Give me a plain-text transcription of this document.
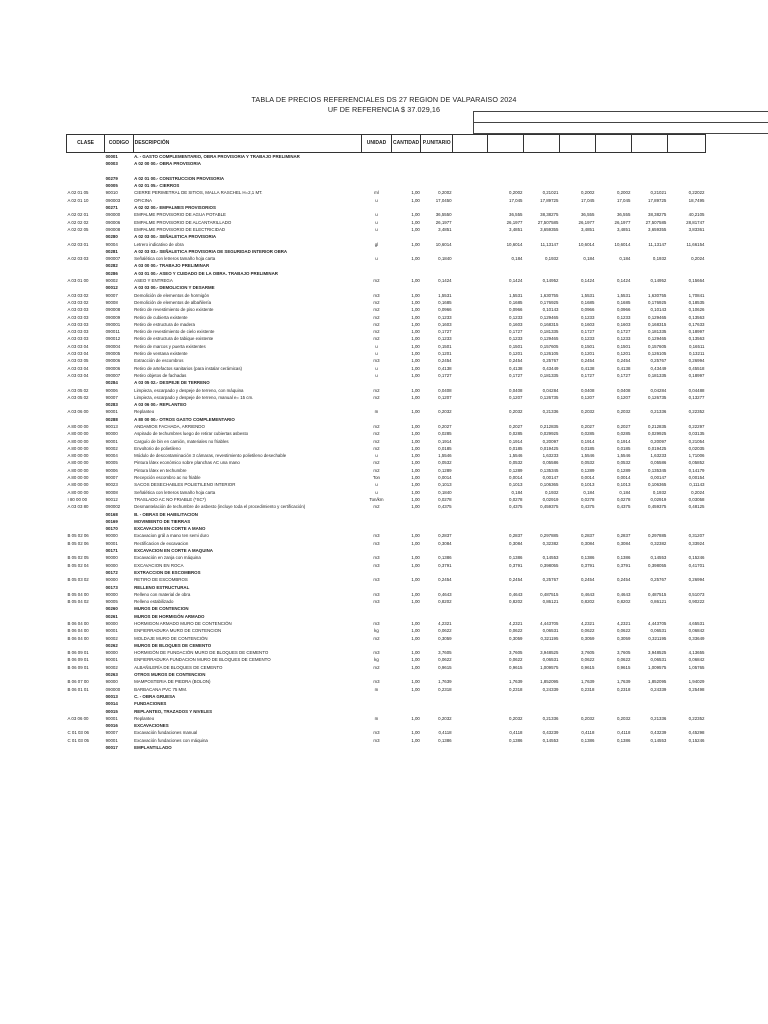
TABLA DE PRECIOS REFERENCIALES DS 27 REGION DE VALPARAISO 2024
UF DE REFERENCIA $ 37.029,16
CLASE	CODIGO	DESCRIPCIÓN	UNIDAD	CANTIDAD	P.UNITARIO							
	00001	A. - GASTO COMPLEMENTARIO, OBRA PROVISORIA Y TRABAJO PRELIMINAR										
	00003	A 02 00 00.- OBRA PROVISORIA										

	00279	A 02 01 00.- CONSTRUCCION PROVISORIA										
	00005	A 02 01 05.- CIERROS										
A 02 01 05	90010	CIERRE PERIMETRAL DE SITIOS, MALLA RASCHEL H=2,1 MT.	ml	1,00	0,2002		0,2002	0,21021	0,2002	0,2002	0,21021	0,22022
A 02 01 10	090003	OFICINA	u	1,00	17,0450		17,045	17,89725	17,045	17,045	17,89725	18,7495
	00271	A 02 02 00.- EMPALMES PROVISORIOS										
A 02 02 01	090000	EMPALME PROVISORIO DE AGUA POTABLE	u	1,00	36,5550		36,555	38,38275	36,555	36,555	38,38275	40,2105
A 02 02 02	090006	EMPALME PROVISORIO DE ALCANTARILLADO	u	1,00	26,1977		26,1977	27,507585	26,1977	26,1977	27,507585	28,81747
A 02 02 05	090008	EMPALME PROVISORIO DE ELECTRICIDAD	u	1,00	3,4851		3,4851	3,659355	3,4851	3,4851	3,659355	3,83361
	00280	A 02 03 00.- SEÑALETICA PROVISORIA										
A 02 03 01	90004	Letrero indicativo de obra	gl	1,00	10,6014		10,6014	11,13147	10,6014	10,6014	11,13147	11,66154
	00281	A 02 03 03.- SEÑALETICA PROVISORIA DE SEGURIDAD INTERIOR OBRA										
A 02 03 03	090007	Señalética con letreros tamaño hoja carta	u	1,00	0,1840		0,184	0,1932	0,184	0,184	0,1932	0,2024
	00282	A 03 00 00.- TRABAJO PRELIMINAR										
	00286	A 03 01 00.- ASEO Y CUIDADO DE LA OBRA. TRABAJO PRELIMINAR										
A 03 01 00	90002	ASEO Y ENTREGA	m2	1,00	0,1424		0,1424	0,14952	0,1424	0,1424	0,14952	0,15664
	00012	A 03 03 00.- DEMOLICION Y DESARME										
A 03 03 02	90007	Demolición de elementos de hormigón	m3	1,00	1,5531		1,5531	1,630755	1,5531	1,5531	1,630755	1,70841
A 03 03 02	90008	Demolición de elementos de albañilería	m2	1,00	0,1685		0,1685	0,176925	0,1685	0,1685	0,176925	0,18535
A 03 03 03	090008	Retiro de revestimiento de piso existente	m2	1,00	0,0966		0,0966	0,10143	0,0966	0,0966	0,10143	0,10626
A 03 03 03	090009	Retiro de cubierta existente	m2	1,00	0,1233		0,1233	0,129465	0,1233	0,1233	0,129465	0,13563
A 03 03 03	090001	Retiro de estructura de madera	m2	1,00	0,1603		0,1603	0,168315	0,1603	0,1603	0,168315	0,17633
A 03 03 03	090011	Retiro de revestimiento de cielo existente	m2	1,00	0,1727		0,1727	0,181335	0,1727	0,1727	0,181335	0,18997
A 03 03 03	090012	Retiro de estructura de tabique existente	m2	1,00	0,1233		0,1233	0,129465	0,1233	0,1233	0,129465	0,13563
A 03 03 04	090004	Retiro de marcos y puerta existentes	u	1,00	0,1501		0,1501	0,157605	0,1501	0,1501	0,157605	0,16511
A 03 03 04	090005	Retiro de ventana existente	u	1,00	0,1201		0,1201	0,126105	0,1201	0,1201	0,126105	0,13211
A 03 03 05	090006	Extracción de escombros	m3	1,00	0,2454		0,2454	0,25767	0,2454	0,2454	0,25767	0,26994
A 03 03 04	090006	Retiro de artefactos sanitarios (para instalar cerámicas)	u	1,00	0,4138		0,4138	0,43449	0,4138	0,4138	0,43449	0,45518
A 03 03 04	090007	Retiro objetos de fachadas	u	1,00	0,1727		0,1727	0,181335	0,1727	0,1727	0,181335	0,18997
	00284	A 03 05 02.- DESPEJE DE TERRENO										
A 03 05 02	90006	Limpieza, escarpado y despeje de terreno, con máquina	m2	1,00	0,0408		0,0408	0,04284	0,0408	0,0408	0,04284	0,04488
A 03 05 02	90007	Limpieza, escarpado y despeje de terreno, manual e= 15 cm.	m2	1,00	0,1207		0,1207	0,126735	0,1207	0,1207	0,126735	0,13277
	00283	A 03 06 00.- REPLANTEO										
A 03 06 00	90001	Replanteo	m	1,00	0,2032		0,2032	0,21336	0,2032	0,2032	0,21336	0,22352
	00288	A 80 00 00.- OTROS GASTO COMPLEMENTARIO										
A 80 00 00	90013	ANDAMIOS FACHADA, ARRIENDO	m2	1,00	0,2027		0,2027	0,212835	0,2027	0,2027	0,212835	0,22297
A 80 00 00	90000	Aspirado de techumbres luego de retirar cubiertas asbesto	m2	1,00	0,0285		0,0285	0,029925	0,0285	0,0285	0,029925	0,03135
A 80 00 00	90001	Carguío de bin en camión, materiales no friables	m2	1,00	0,1914		0,1914	0,20097	0,1914	0,1914	0,20097	0,21054
A 80 00 00	90002	Envoltorio de polietileno	m2	1,00	0,0185		0,0185	0,019425	0,0185	0,0185	0,019425	0,02035
A 80 00 00	90004	Módulo de descontaminación 3 cámaras, revestimiento polietileno desechable	u	1,00	1,5546		1,5546	1,63233	1,5546	1,5546	1,63233	1,71006
A 80 00 00	90005	Pintura látex económico sobre planchas AC una mano	m2	1,00	0,0532		0,0532	0,05586	0,0532	0,0532	0,05586	0,05852
A 80 00 00	90006	Pintura látex en techumbre	m2	1,00	0,1289		0,1289	0,135345	0,1289	0,1289	0,135345	0,14179
A 80 00 00	90007	Recepción escombro ac no friable	Ton	1,00	0,0014		0,0014	0,00147	0,0014	0,0014	0,00147	0,00154
A 80 00 00	90023	SACOS DESECHABLES POLIETILENO INTERIOR	u	1,00	0,1013		0,1013	0,106365	0,1013	0,1013	0,106365	0,11143
A 80 00 00	90008	Señalética con letreros tamaño hoja carta	u	1,00	0,1840		0,184	0,1932	0,184	0,184	0,1932	0,2024
I 80 00 00	90012	TRASLADO AC NO FRIABLE (*SC*)	Ton/km	1,00	0,0278		0,0278	0,02919	0,0278	0,0278	0,02919	0,03058
A 03 03 80	090002	Desmantelación de techumbre de asbesto (incluye toda el procedimiento y certificación)	m2	1,00	0,4375		0,4375	0,459375	0,4375	0,4375	0,459375	0,48125
	00168	B. - OBRAS DE HABILITACION										
	00169	MOVIMIENTO DE TIERRAS										
	00170	EXCAVACION EN CORTE A MANO										
B 05 02 06	90000	Excavacion grál a mano ten semi duro	m3	1,00	0,2837		0,2837	0,297885	0,2837	0,2837	0,297885	0,31207
B 05 02 06	90001	Rectificacion de excavacion	m3	1,00	0,3084		0,3084	0,32382	0,3084	0,3084	0,32382	0,33924
	00171	EXCAVACION EN CORTE A MAQUINA										
B 05 02 05	90000	Excavación en zanja con máquina	m3	1,00	0,1386		0,1386	0,14553	0,1386	0,1386	0,14553	0,15246
B 05 02 04	90000	EXCAVACION EN ROCA	m3	1,00	0,3791		0,3791	0,398055	0,3791	0,3791	0,398055	0,41701
	00172	EXTRACCION DE ESCOMBROS										
B 05 03 02	90000	RETIRO DE ESCOMBROS	m3	1,00	0,2454		0,2454	0,25767	0,2454	0,2454	0,25767	0,26994
	00173	RELLENO ESTRUCTURAL										
B 05 04 00	90000	Relleno con material de obra	m3	1,00	0,4643		0,4643	0,487515	0,4643	0,4643	0,487515	0,51073
B 05 04 02	90005	Relleno estabilizado	m3	1,00	0,8202		0,8202	0,86121	0,8202	0,8202	0,86121	0,90222
	00260	MUROS DE CONTENCION										
	00261	MUROS DE HORMIGÓN ARMADO										
B 06 04 00	90000	HORMIGON ARMADO MURO DE CONTENCIÓN	m3	1,00	4,2321		4,2321	4,443705	4,2321	4,2321	4,443705	4,65531
B 06 04 00	90001	ENFIERRADURA MURO DE CONTENCION	kg	1,00	0,0622		0,0622	0,06531	0,0622	0,0622	0,06531	0,06842
B 06 04 00	90002	MOLDAJE MURO DE CONTENCIÓN	m2	1,00	0,3059		0,3059	0,321195	0,3059	0,3059	0,321195	0,33649
	00262	MUROS DE BLOQUES DE CEMENTO										
B 06 09 01	90000	HORMIGÓN DE FUNDACIÓN MURO DE BLOQUES DE CEMENTO	m3	1,00	3,7605		3,7605	3,948525	3,7605	3,7605	3,948525	4,13655
B 06 09 01	90001	ENFIERRADURA FUNDACION MURO DE BLOQUES DE CEMENTO	kg	1,00	0,0622		0,0622	0,06531	0,0622	0,0622	0,06531	0,06842
B 06 09 01	90002	ALBAÑILERÍA DE BLOQUES DE CEMENTO	m2	1,00	0,9615		0,9615	1,009575	0,9615	0,9615	1,009575	1,05765
	00263	OTROS MUROS DE CONTENCION										
B 06 07 00	90000	MAMPOSTERIA DE PIEDRA (BOLON)	m3	1,00	1,7639		1,7639	1,852095	1,7639	1,7639	1,852095	1,94029
B 06 01 01	090000	BARBACANA PVC 75 MM.	m	1,00	0,2318		0,2318	0,24339	0,2318	0,2318	0,24339	0,25498
	00013	C. - OBRA GRUESA										
	00014	FUNDACIONES										
	00015	REPLANTEO, TRAZADOS Y NIVELES										
A 03 06 00	90001	Replanteo	m	1,00	0,2032		0,2032	0,21336	0,2032	0,2032	0,21336	0,22352
	00016	EXCAVACIONES										
C 01 03 06	90007	Excavación fundaciones manual	m3	1,00	0,4118		0,4118	0,43239	0,4118	0,4118	0,43239	0,45298
C 01 03 05	90001	Excavación fundaciones con máquina	m3	1,00	0,1386		0,1386	0,14553	0,1386	0,1386	0,14553	0,15246
	00017	EMPLANTILLADO										
